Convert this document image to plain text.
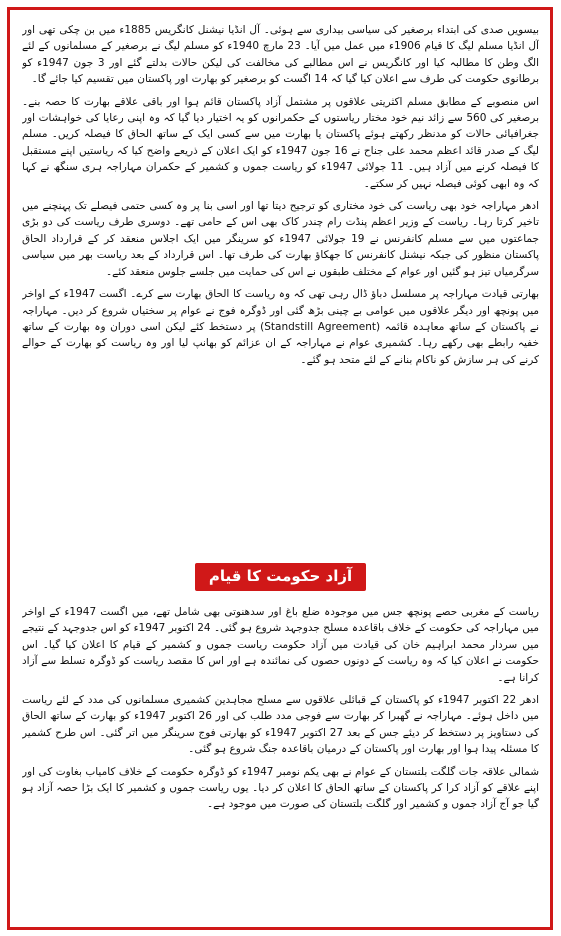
بیسویں صدی کی ابتداء برصغیر کی سیاسی بیداری سے ہوئی۔ آل انڈیا نیشنل کانگریس 1885ء میں بن چکی تھی اور آل انڈیا مسلم لیگ کا قیام 1906ء میں عمل میں آیا۔ 23 مارچ 1940ء کو مسلم لیگ نے برصغیر کے مسلمانوں کے لئے الگ وطن کا مطالبہ کیا اور کانگریس نے اس مطالبے کی مخالفت کی لیکن حالات بدلتے گئے اور 3 جون 1947ء کو برطانوی حکومت کی طرف سے اعلان کیا گیا کہ 14 اگست کو برصغیر کو بھارت اور پاکستان میں تقسیم کیا جائے گا۔

اس منصوبے کے مطابق مسلم اکثریتی علاقوں پر مشتمل آزاد پاکستان قائم ہوا اور باقی علاقے بھارت کا حصہ بنے۔ برصغیر کی 560 سے زائد نیم خود مختار ریاستوں کے حکمرانوں کو یہ اختیار دیا گیا کہ وہ اپنی رعایا کی خواہشات اور جغرافیائی حالات کو مدنظر رکھتے ہوئے پاکستان یا بھارت میں سے کسی ایک کے ساتھ الحاق کا فیصلہ کریں۔ مسلم لیگ کے صدر قائد اعظم محمد علی جناح نے 16 جون 1947ء کو ایک اعلان کے ذریعے واضح کیا کہ ریاستیں اپنے مستقبل کا فیصلہ کرنے میں آزاد ہیں۔ 11 جولائی 1947ء کو ریاست جموں و کشمیر کے حکمران مہاراجہ ہری سنگھ نے کہا کہ وہ ابھی کوئی فیصلہ نہیں کر سکتے۔

ادھر مہاراجہ خود بھی ریاست کی خود مختاری کو ترجیح دیتا تھا اور اسی بنا پر وہ کسی حتمی فیصلے تک پہنچنے میں تاخیر کرتا رہا۔ ریاست کے وزیر اعظم پنڈت رام چندر کاک بھی اس کے حامی تھے۔ دوسری طرف ریاست کی دو بڑی جماعتوں میں سے مسلم کانفرنس نے 19 جولائی 1947ء کو سرینگر میں ایک اجلاس منعقد کر کے قرارداد الحاق پاکستان منظور کی جبکہ نیشنل کانفرنس کا جھکاؤ بھارت کی طرف تھا۔ اس قرارداد کے بعد ریاست بھر میں سیاسی سرگرمیاں تیز ہو گئیں اور عوام کے مختلف طبقوں نے اس کی حمایت میں جلسے جلوس منعقد کئے۔

بھارتی قیادت مہاراجہ پر مسلسل دباؤ ڈال رہی تھی کہ وہ ریاست کا الحاق بھارت سے کرے۔ اگست 1947ء کے اواخر میں پونچھ اور دیگر علاقوں میں عوامی بے چینی بڑھ گئی اور ڈوگرہ فوج نے عوام پر سختیاں شروع کر دیں۔ مہاراجہ نے پاکستان کے ساتھ معاہدہ قائمہ (Standstill Agreement) پر دستخط کئے لیکن اسی دوران وہ بھارت کے ساتھ خفیہ رابطے بھی رکھے رہا۔ کشمیری عوام نے مہاراجہ کے ان عزائم کو بھانپ لیا اور وہ ریاست کو بھارت کے حوالے کرنے کی ہر سازش کو ناکام بنانے کے لئے متحد ہو گئے۔

آزاد حکومت کا قیام

ریاست کے مغربی حصے پونچھ جس میں موجودہ ضلع باغ اور سدھنوتی بھی شامل تھے، میں اگست 1947ء کے اواخر میں مہاراجہ کی حکومت کے خلاف باقاعدہ مسلح جدوجہد شروع ہو گئی۔ 24 اکتوبر 1947ء کو اس جدوجہد کے نتیجے میں سردار محمد ابراہیم خان کی قیادت میں آزاد حکومت ریاست جموں و کشمیر کے قیام کا اعلان کیا گیا۔ اس حکومت نے اعلان کیا کہ وہ ریاست کے دونوں حصوں کی نمائندہ ہے اور اس کا مقصد ریاست کو ڈوگرہ تسلط سے آزاد کرانا ہے۔

ادھر 22 اکتوبر 1947ء کو پاکستان کے قبائلی علاقوں سے مسلح مجاہدین کشمیری مسلمانوں کی مدد کے لئے ریاست میں داخل ہوئے۔ مہاراجہ نے گھبرا کر بھارت سے فوجی مدد طلب کی اور 26 اکتوبر 1947ء کو بھارت کے ساتھ الحاق کی دستاویز پر دستخط کر دیئے جس کے بعد 27 اکتوبر 1947ء کو بھارتی فوج سرینگر میں اتر گئی۔ اس طرح کشمیر کا مسئلہ پیدا ہوا اور بھارت اور پاکستان کے درمیان باقاعدہ جنگ شروع ہو گئی۔

شمالی علاقہ جات گلگت بلتستان کے عوام نے بھی یکم نومبر 1947ء کو ڈوگرہ حکومت کے خلاف کامیاب بغاوت کی اور اپنے علاقے کو آزاد کرا کر پاکستان کے ساتھ الحاق کا اعلان کر دیا۔ یوں ریاست جموں و کشمیر کا ایک بڑا حصہ آزاد ہو گیا جو آج آزاد جموں و کشمیر اور گلگت بلتستان کی صورت میں موجود ہے۔
